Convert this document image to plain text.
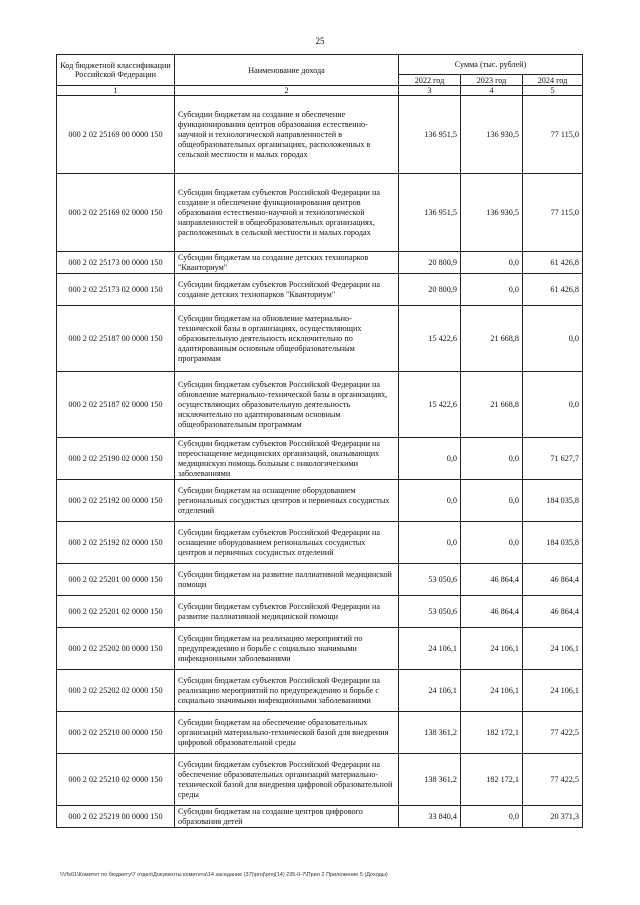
25
Код бюджетной классификации Российской Федерации	Наименование дохода	Сумма (тыс. рублей)		
		2022 год	2023 год	2024 год
1	2	3	4	5
000 2 02 25169 00 0000 150	Субсидии бюджетам на создание и обеспечение функционирования центров образования естественно-научной и технологической направленностей в общеобразовательных организациях, расположенных в сельской местности и малых городах	136 951,5	136 930,5	77 115,0
000 2 02 25169 02 0000 150	Субсидии бюджетам субъектов Российской Федерации на создание и обеспечение функционирования центров образования естественно-научной и технологической направленностей в общеобразовательных организациях, расположенных в сельской местности и малых городах	136 951,5	136 930,5	77 115,0
000 2 02 25173 00 0000 150	Субсидии бюджетам на создание детских технопарков "Кванториум"	20 800,9	0,0	61 426,8
000 2 02 25173 02 0000 150	Субсидии бюджетам субъектов Российской Федерации на создание детских технопарков "Кванториум"	20 800,9	0,0	61 426,8
000 2 02 25187 00 0000 150	Субсидии бюджетам на обновление материально-технической базы в организациях, осуществляющих образовательную деятельность исключительно по адаптированным основным общеобразовательным программам	15 422,6	21 668,8	0,0
000 2 02 25187 02 0000 150	Субсидии бюджетам субъектов Российской Федерации на обновление материально-технической базы в организациях, осуществляющих образовательную деятельность исключительно по адаптированным основным общеобразовательным программам	15 422,6	21 668,8	0,0
000 2 02 25190 02 0000 150	Субсидии бюджетам субъектов Российской Федерации на переоснащение медицинских организаций, оказывающих медицинскую помощь больным с онкологическими заболеваниями	0,0	0,0	71 627,7
000 2 02 25192 00 0000 150	Субсидии бюджетам на оснащение оборудованием региональных сосудистых центров и первичных сосудистых отделений	0,0	0,0	184 035,8
000 2 02 25192 02 0000 150	Субсидии бюджетам субъектов Российской Федерации на оснащение оборудованием региональных сосудистых центров и первичных сосудистых отделений	0,0	0,0	184 035,8
000 2 02 25201 00 0000 150	Субсидии бюджетам на развитие паллиативной медицинской помощи	53 050,6	46 864,4	46 864,4
000 2 02 25201 02 0000 150	Субсидии бюджетам субъектов Российской Федерации на развитие паллиативной медицинской помощи	53 050,6	46 864,4	46 864,4
000 2 02 25202 00 0000 150	Субсидии бюджетам на реализацию мероприятий по предупреждению и борьбе с социально значимыми инфекционными заболеваниями	24 106,1	24 106,1	24 106,1
000 2 02 25202 02 0000 150	Субсидии бюджетам субъектов Российской Федерации на реализацию мероприятий по предупреждению и борьбе с социально значимыми инфекционными заболеваниями	24 106,1	24 106,1	24 106,1
000 2 02 25210 00 0000 150	Субсидии бюджетам на обеспечение образовательных организаций материально-технической базой для внедрения цифровой образовательной среды	138 361,2	182 172,1	77 422,5
000 2 02 25210 02 0000 150	Субсидии бюджетам субъектов Российской Федерации на обеспечение образовательных организаций материально-технической базой для внедрения цифровой образовательной среды	138 361,2	182 172,1	77 422,5
000 2 02 25219 00 0000 150	Субсидии бюджетам на создание центров цифрового образования детей	33 840,4	0,0	20 371,3
\\Vfs01\Комитет по бюджету\7 отдел\Документы комитета\14 заседание (37)\proj\proj(14) 235-II-7\Прил 2 Приложение 5 (Доходы)
